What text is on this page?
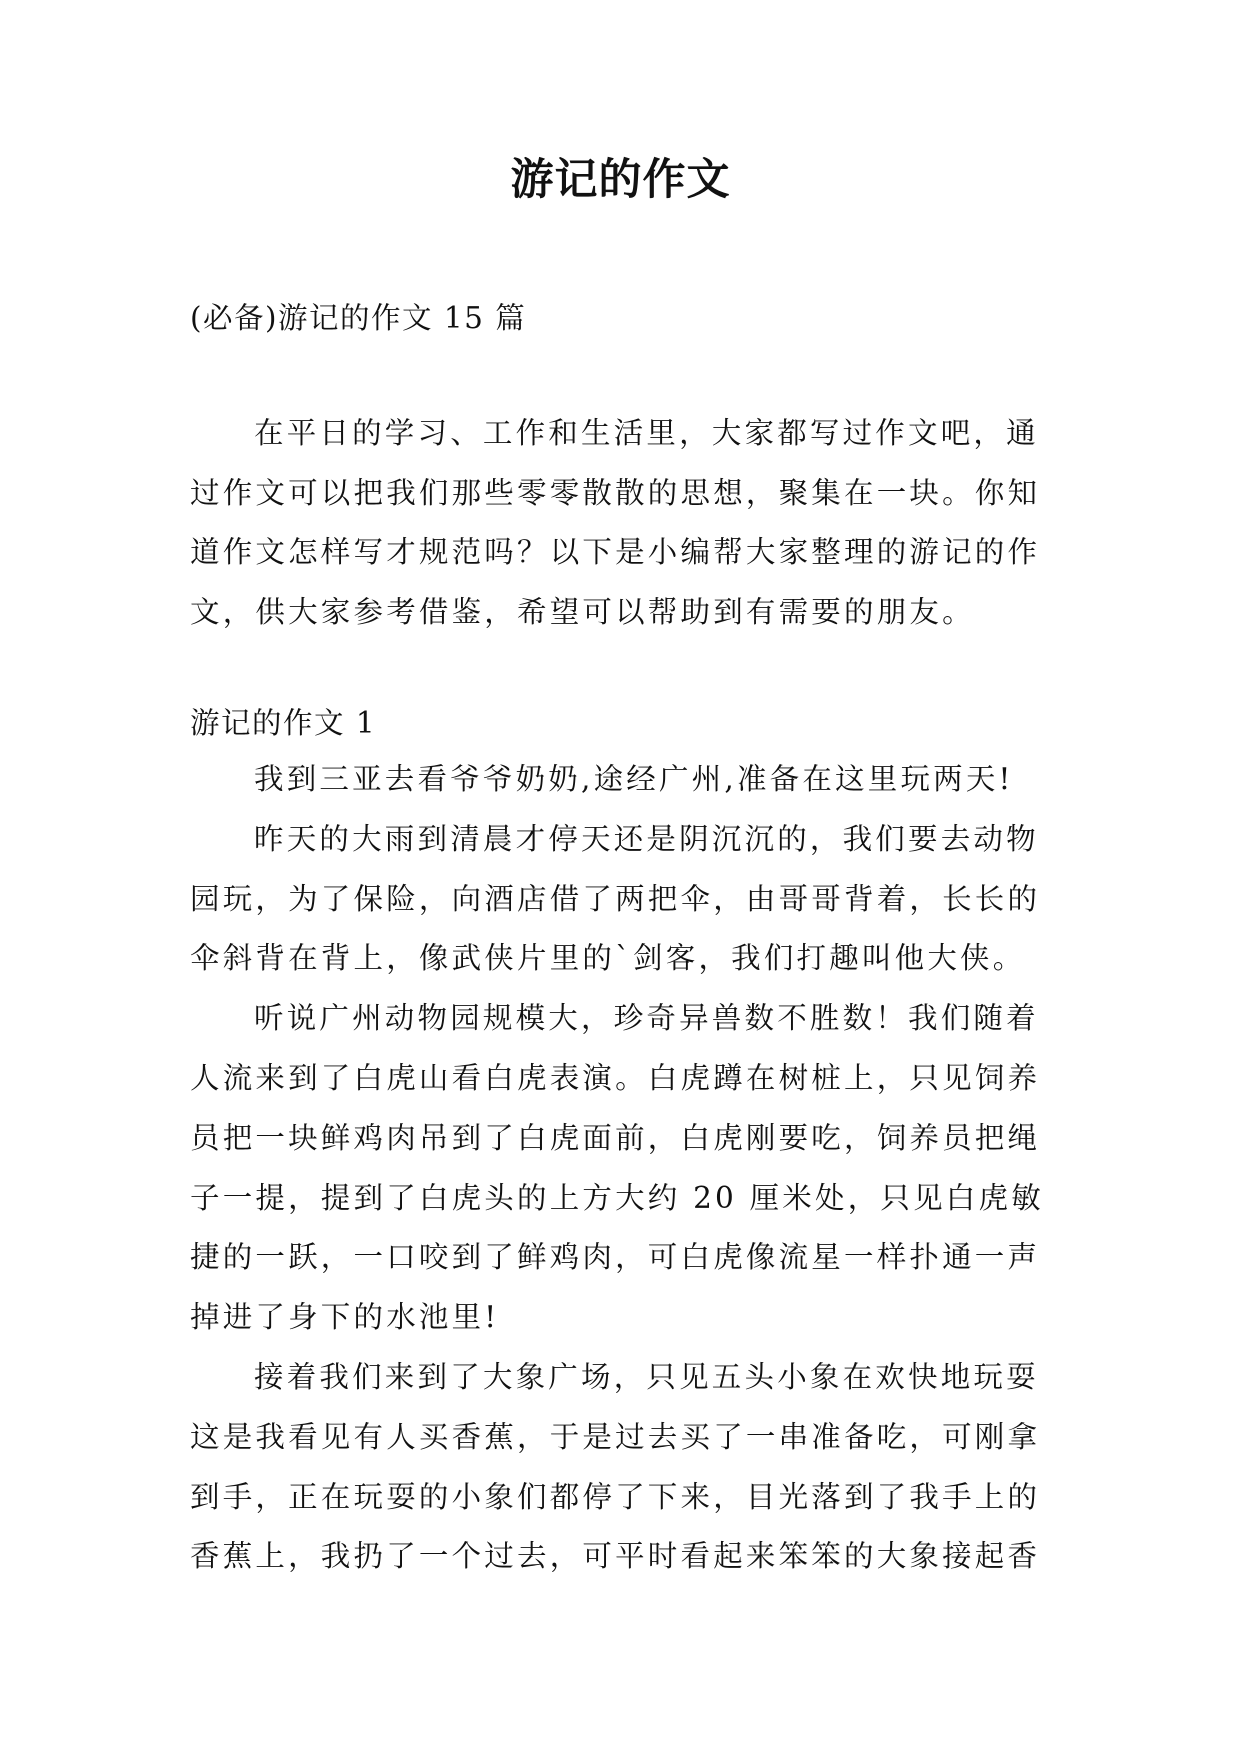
游记的作文
(必备)游记的作文 15 篇

在平日的学习、工作和生活里，大家都写过作文吧，通过作文可以把我们那些零零散散的思想，聚集在一块。你知道作文怎样写才规范吗？以下是小编帮大家整理的游记的作文，供大家参考借鉴，希望可以帮助到有需要的朋友。

游记的作文 1

我到三亚去看爷爷奶奶,途经广州,准备在这里玩两天!

昨天的大雨到清晨才停天还是阴沉沉的，我们要去动物园玩，为了保险，向酒店借了两把伞，由哥哥背着，长长的伞斜背在背上，像武侠片里的`剑客，我们打趣叫他大侠。

听说广州动物园规模大，珍奇异兽数不胜数！我们随着人流来到了白虎山看白虎表演。白虎蹲在树桩上，只见饲养员把一块鲜鸡肉吊到了白虎面前，白虎刚要吃，饲养员把绳子一提，提到了白虎头的上方大约 20 厘米处，只见白虎敏捷的一跃，一口咬到了鲜鸡肉，可白虎像流星一样扑通一声掉进了身下的水池里!

接着我们来到了大象广场，只见五头小象在欢快地玩耍这是我看见有人买香蕉，于是过去买了一串准备吃，可刚拿到手，正在玩耍的小象们都停了下来，目光落到了我手上的香蕉上，我扔了一个过去，可平时看起来笨笨的大象接起香
